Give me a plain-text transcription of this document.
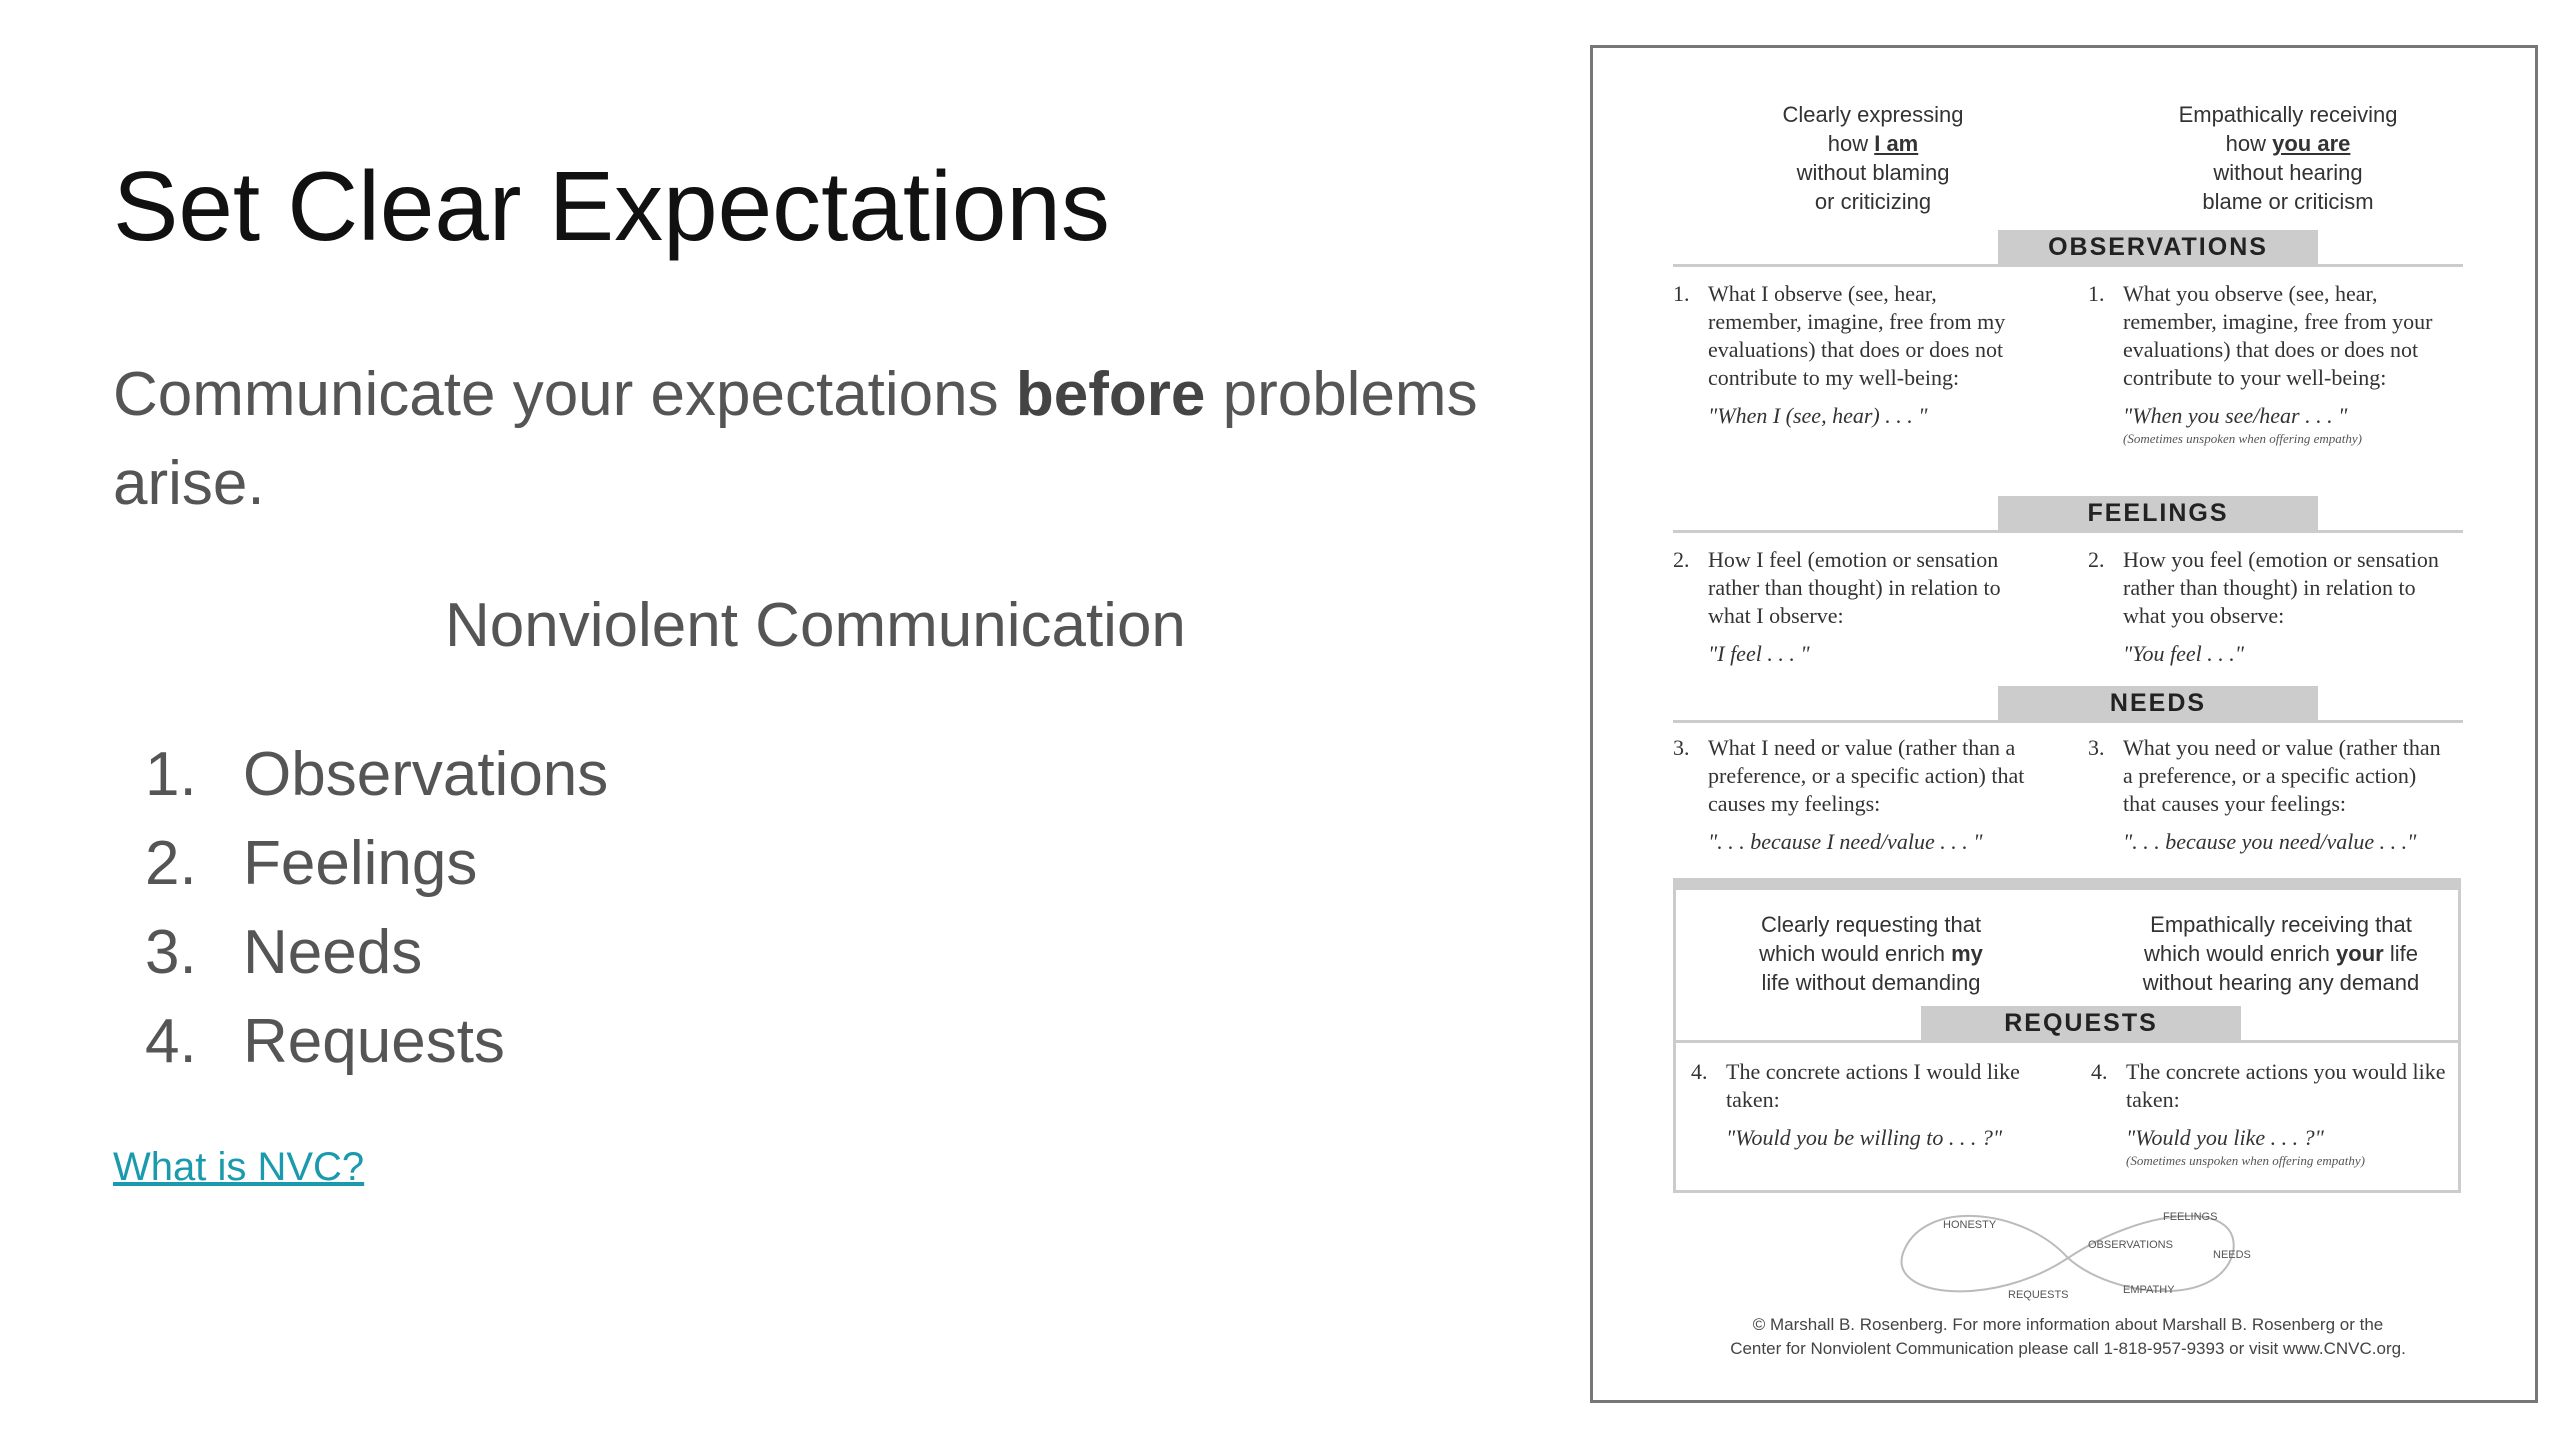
Set Clear Expectations

Communicate your expectations before problems arise.

Nonviolent Communication
1. Observations
2. Feelings
3. Needs
4. Requests
What is NVC?
Clearly expressing
how I am
without blaming
or criticizing
Empathically receiving
how you are
without hearing
blame or criticism
OBSERVATIONS
1. What I observe (see, hear, remember, imagine, free from my evaluations) that does or does not contribute to my well-being:
"When I (see, hear) . . . "
1. What you observe (see, hear, remember, imagine, free from your evaluations) that does or does not contribute to your well-being:
"When you see/hear . . . "
(Sometimes unspoken when offering empathy)
FEELINGS
2. How I feel (emotion or sensation rather than thought) in relation to what I observe:
"I feel . . . "
2. How you feel (emotion or sensation rather than thought) in relation to what you observe:
"You feel . . ."
NEEDS
3. What I need or value (rather than a preference, or a specific action) that causes my feelings:
". . . because I need/value . . . "
3. What you need or value (rather than a preference, or a specific action) that causes your feelings:
". . . because you need/value . . ."
Clearly requesting that
which would enrich my
life without demanding
Empathically receiving that
which would enrich your life
without hearing any demand
REQUESTS
4. The concrete actions I would like taken:
"Would you be willing to . . . ?"
4. The concrete actions you would like taken:
"Would you like . . . ?"
(Sometimes unspoken when offering empathy)
HONESTY
OBSERVATIONS
FEELINGS
NEEDS
REQUESTS	EMPATHY
© Marshall B. Rosenberg. For more information about Marshall B. Rosenberg or the
Center for Nonviolent Communication please call 1-818-957-9393 or visit www.CNVC.org.
